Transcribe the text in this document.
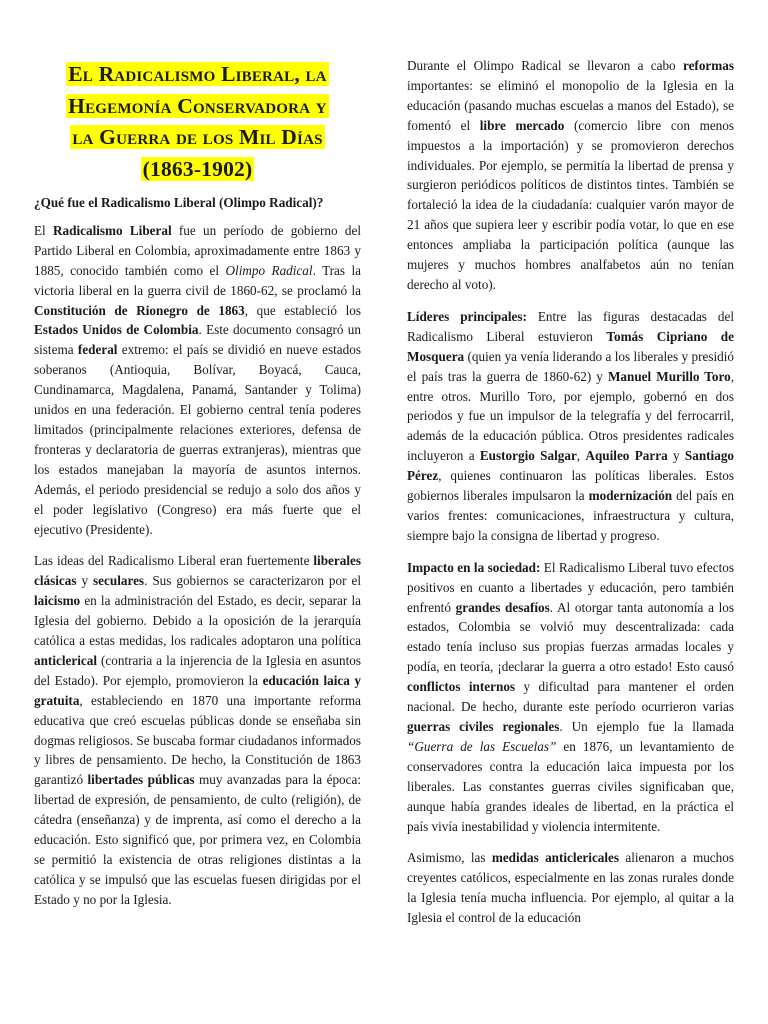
El Radicalismo Liberal, la
Hegemonía Conservadora y
la Guerra de los Mil Días
(1863-1902)
¿Qué fue el Radicalismo Liberal (Olimpo Radical)?

El Radicalismo Liberal fue un período de gobierno del Partido Liberal en Colombia, aproximadamente entre 1863 y 1885, conocido también como el Olimpo Radical. Tras la victoria liberal en la guerra civil de 1860-62, se proclamó la Constitución de Rionegro de 1863, que estableció los Estados Unidos de Colombia. Este documento consagró un sistema federal extremo: el país se dividió en nueve estados soberanos (Antioquia, Bolívar, Boyacá, Cauca, Cundinamarca, Magdalena, Panamá, Santander y Tolima) unidos en una federación. El gobierno central tenía poderes limitados (principalmente relaciones exteriores, defensa de fronteras y declaratoria de guerras extranjeras), mientras que los estados manejaban la mayoría de asuntos internos. Además, el periodo presidencial se redujo a solo dos años y el poder legislativo (Congreso) era más fuerte que el ejecutivo (Presidente).

Las ideas del Radicalismo Liberal eran fuertemente liberales clásicas y seculares. Sus gobiernos se caracterizaron por el laicismo en la administración del Estado, es decir, separar la Iglesia del gobierno. Debido a la oposición de la jerarquía católica a estas medidas, los radicales adoptaron una política anticlerical (contraria a la injerencia de la Iglesia en asuntos del Estado). Por ejemplo, promovieron la educación laica y gratuita, estableciendo en 1870 una importante reforma educativa que creó escuelas públicas donde se enseñaba sin dogmas religiosos. Se buscaba formar ciudadanos informados y libres de pensamiento. De hecho, la Constitución de 1863 garantizó libertades públicas muy avanzadas para la época: libertad de expresión, de pensamiento, de culto (religión), de cátedra (enseñanza) y de imprenta, así como el derecho a la educación. Esto significó que, por primera vez, en Colombia se permitió la existencia de otras religiones distintas a la católica y se impulsó que las escuelas fuesen dirigidas por el Estado y no por la Iglesia.

Durante el Olimpo Radical se llevaron a cabo reformas importantes: se eliminó el monopolio de la Iglesia en la educación (pasando muchas escuelas a manos del Estado), se fomentó el libre mercado (comercio libre con menos impuestos a la importación) y se promovieron derechos individuales. Por ejemplo, se permitía la libertad de prensa y surgieron periódicos políticos de distintos tintes. También se fortaleció la idea de la ciudadanía: cualquier varón mayor de 21 años que supiera leer y escribir podía votar, lo que en ese entonces ampliaba la participación política (aunque las mujeres y muchos hombres analfabetos aún no tenían derecho al voto).

Líderes principales: Entre las figuras destacadas del Radicalismo Liberal estuvieron Tomás Cipriano de Mosquera (quien ya venía liderando a los liberales y presidió el país tras la guerra de 1860-62) y Manuel Murillo Toro, entre otros. Murillo Toro, por ejemplo, gobernó en dos periodos y fue un impulsor de la telegrafía y del ferrocarril, además de la educación pública. Otros presidentes radicales incluyeron a Eustorgio Salgar, Aquileo Parra y Santiago Pérez, quienes continuaron las políticas liberales. Estos gobiernos liberales impulsaron la modernización del país en varios frentes: comunicaciones, infraestructura y cultura, siempre bajo la consigna de libertad y progreso.

Impacto en la sociedad: El Radicalismo Liberal tuvo efectos positivos en cuanto a libertades y educación, pero también enfrentó grandes desafíos. Al otorgar tanta autonomía a los estados, Colombia se volvió muy descentralizada: cada estado tenía incluso sus propias fuerzas armadas locales y podía, en teoría, ¡declarar la guerra a otro estado! Esto causó conflictos internos y dificultad para mantener el orden nacional. De hecho, durante este período ocurrieron varias guerras civiles regionales. Un ejemplo fue la llamada “Guerra de las Escuelas” en 1876, un levantamiento de conservadores contra la educación laica impuesta por los liberales. Las constantes guerras civiles significaban que, aunque había grandes ideales de libertad, en la práctica el país vivía inestabilidad y violencia intermitente.

Asimismo, las medidas anticlericales alienaron a muchos creyentes católicos, especialmente en las zonas rurales donde la Iglesia tenía mucha influencia. Por ejemplo, al quitar a la Iglesia el control de la educación
